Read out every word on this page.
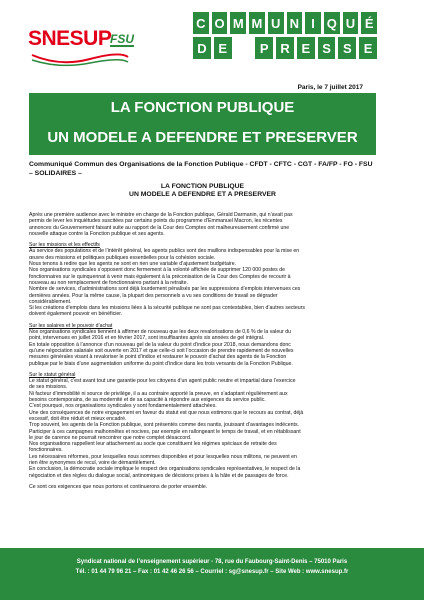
SNESUP
FSU
C O M M U N I Q U É
D E	P R E S S E
Paris, le 7 juillet 2017
LA FONCTION PUBLIQUE
UN MODELE A DEFENDRE ET PRESERVER
Communiqué Commun des Organisations de la Fonction Publique - CFDT - CFTC - CGT - FA/FP - FO - FSU – SOLIDAIRES –
LA FONCTION PUBLIQUE
UN MODELE A DEFENDRE ET A PRESERVER

Après une première audience avec le ministre en charge de la Fonction publique, Gérald Darmanin, qui n’avait pas

permis de lever les inquiétudes suscitées par certains points du programme d’Emmanuel Macron, les récentes

annonces du Gouvernement faisant suite au rapport de la Cour des Comptes ont malheureusement confirmé une

nouvelle attaque contre la Fonction publique et ses agents.

Sur les missions et les effectifs

Au service des populations et de l’intérêt général, les agents publics sont des maillons indispensables pour la mise en

œuvre des missions et politiques publiques essentielles pour la cohésion sociale.

Nous tenons à redire que les agents ne sont en rien une variable d’ajustement budgétaire.

Nos organisations syndicales s’opposent donc fermement à la volonté affichée de supprimer 120 000 postes de

fonctionnaires sur le quinquennat à venir mais également à la préconisation de la Cour des Comptes de recourir à

nouveau au non remplacement de fonctionnaires partant à la retraite.

Nombre de services, d’administrations sont déjà lourdement pénalisés par les suppressions d’emplois intervenues ces

dernières années. Pour la même cause, la plupart des personnels a vu ses conditions de travail se dégrader

considérablement.

Si les créations d’emplois dans les missions liées à la sécurité publique ne sont pas contestables, bien d’autres secteurs

doivent également pouvoir en bénéficier.

Sur les salaires et le pouvoir d’achat

Nos organisations syndicales tiennent à affirmer de nouveau que les deux revalorisations de 0,6 % de la valeur du

point, intervenues en juillet 2016 et en février 2017, sont insuffisantes après six années de gel intégral.

En totale opposition à l’annonce d’un nouveau gel de la valeur du point d’indice pour 2018, nous demandons donc

qu’une négociation salariale soit ouverte en 2017 et que celle-ci soit l’occasion de prendre rapidement de nouvelles

mesures générales visant à revaloriser le point d’indice et restaurer le pouvoir d’achat des agents de la Fonction

publique par le biais d’une augmentation uniforme du point d’indice dans les trois versants de la Fonction Publique.

Sur le statut général

Le statut général, c’est avant tout une garantie pour les citoyens d’un agent public neutre et impartial dans l’exercice

de ses missions.

Ni facteur d’immobilité ni source de privilège, il a au contraire apporté la preuve, en s’adaptant régulièrement aux

besoins contemporains, de sa modernité et de sa capacité à répondre aux exigences du service public.

C’est pourquoi, nos organisations syndicales y sont fondamentalement attachées.

Une des conséquences de notre engagement en faveur du statut est que nous estimons que le recours au contrat, déjà

excessif, doit être réduit et mieux encadré.

Trop souvent, les agents de la Fonction publique, sont présentés comme des nantis, jouissant d’avantages indécents.

Participer à ces campagnes malhonnêtes et nocives, par exemple en rallongeant le temps de travail, et en rétablissant

le jour de carence ne pourrait rencontrer que notre complet désaccord.

Nos organisations rappellent leur attachement au socle que constituent les régimes spéciaux de retraite des

fonctionnaires.

Les nécessaires réformes, pour lesquelles nous sommes disponibles et pour lesquelles nous militons, ne peuvent en

rien être synonymes de recul, voire de démantèlement.

En conclusion, la démocratie sociale implique le respect des organisations syndicales représentatives, le respect de la

négociation et des règles du dialogue social, antinomiques de décisions prises à la hâte et de passages de force.

Ce sont ces exigences que nous portons et continuerons de porter ensemble.

Syndicat national de l’enseignement supérieur - 78, rue du Faubourg-Saint-Denis – 75010 Paris
Tél. : 01 44 79 96 21 – Fax : 01 42 46 26 56 – Courriel : sg@snesup.fr – Site Web : www.snesup.fr
